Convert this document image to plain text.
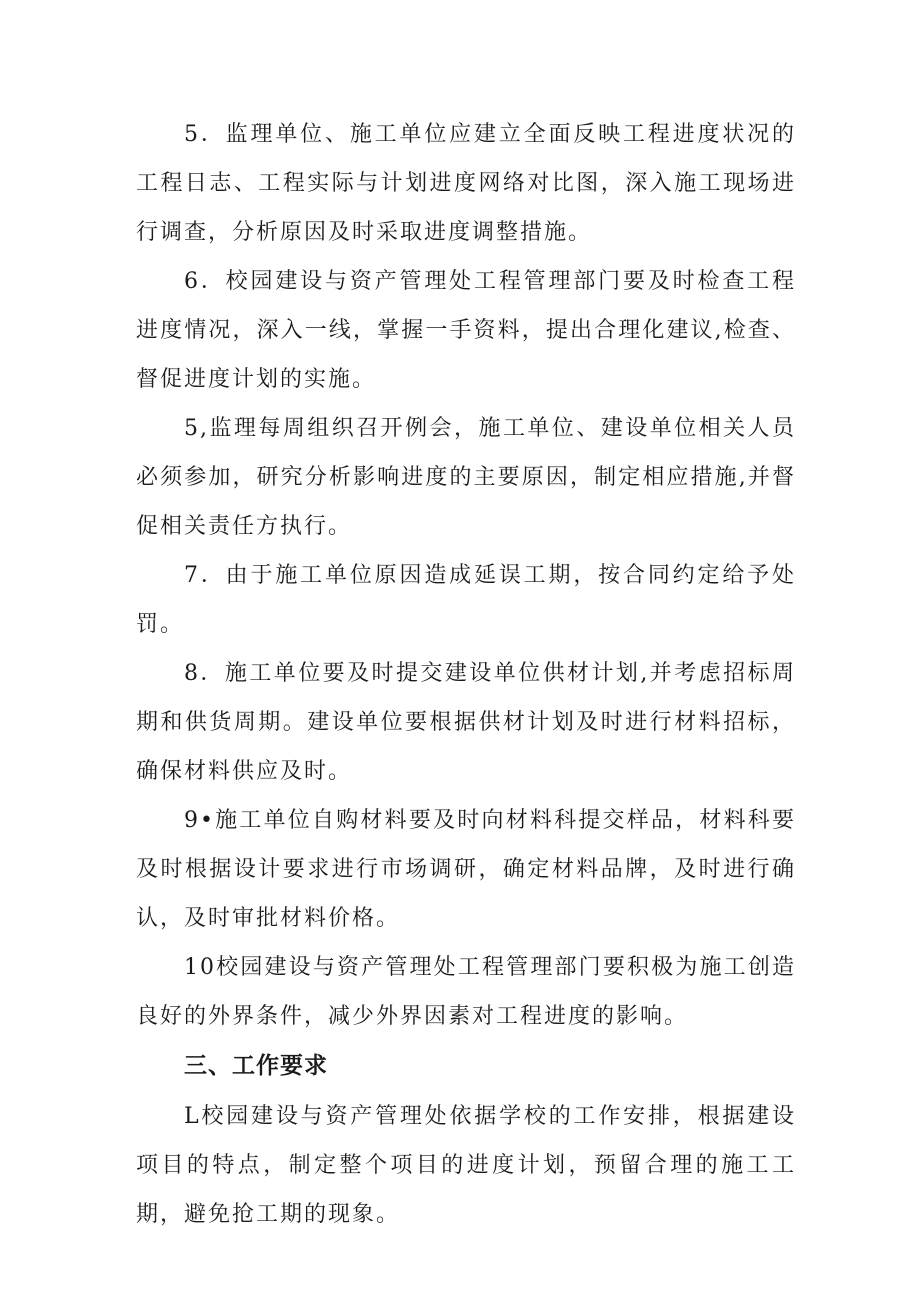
5．监理单位、施工单位应建立全面反映工程进度状况的工程日志、工程实际与计划进度网络对比图，深入施工现场进行调查，分析原因及时采取进度调整措施。

6．校园建设与资产管理处工程管理部门要及时检查工程进度情况，深入一线，掌握一手资料，提出合理化建议,检查、督促进度计划的实施。

5,监理每周组织召开例会，施工单位、建设单位相关人员必须参加，研究分析影响进度的主要原因，制定相应措施,并督促相关责任方执行。

7．由于施工单位原因造成延误工期，按合同约定给予处罚。

8．施工单位要及时提交建设单位供材计划,并考虑招标周期和供货周期。建设单位要根据供材计划及时进行材料招标，确保材料供应及时。

9•施工单位自购材料要及时向材料科提交样品，材料科要及时根据设计要求进行市场调研，确定材料品牌，及时进行确认，及时审批材料价格。

10校园建设与资产管理处工程管理部门要积极为施工创造良好的外界条件，减少外界因素对工程进度的影响。

三、工作要求

L校园建设与资产管理处依据学校的工作安排，根据建设项目的特点，制定整个项目的进度计划，预留合理的施工工期，避免抢工期的现象。
